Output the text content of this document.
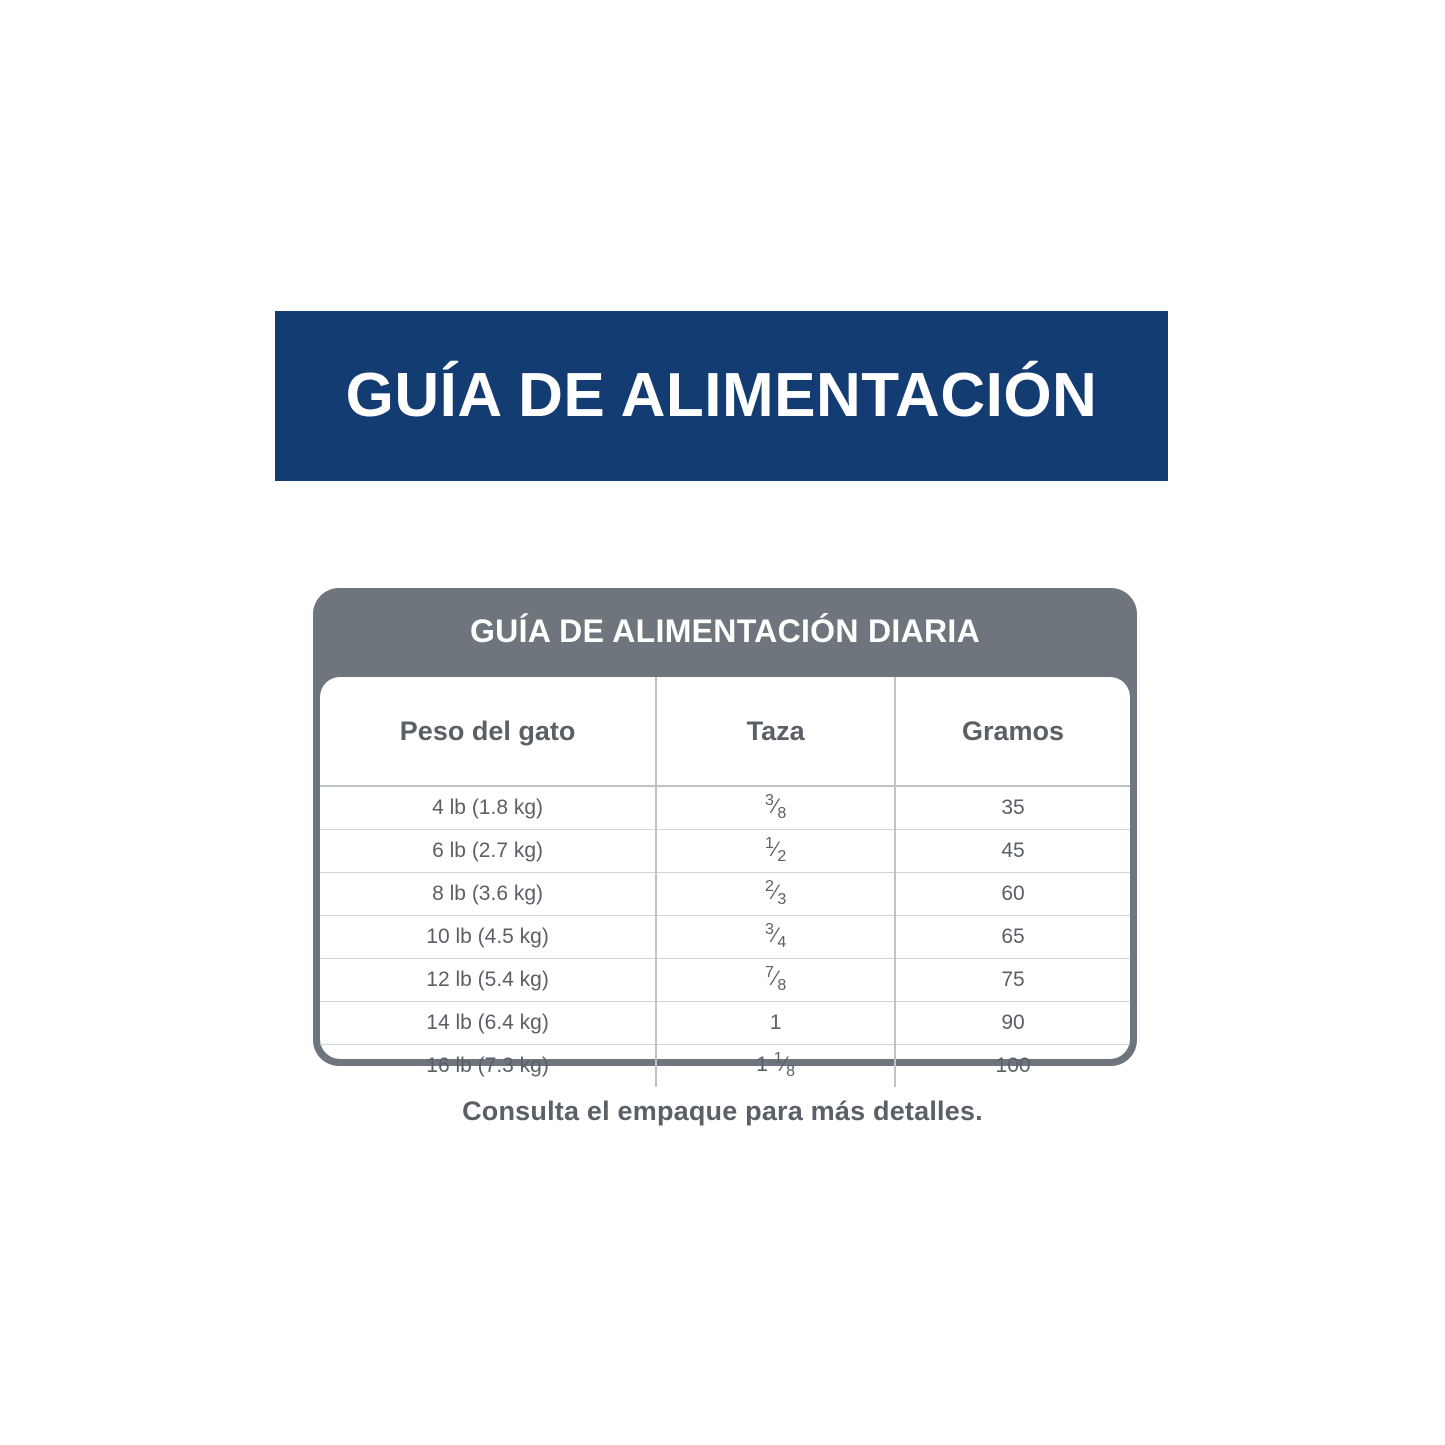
GUÍA DE ALIMENTACIÓN
GUÍA DE ALIMENTACIÓN DIARIA
Peso del gato	Taza	Gramos
4 lb (1.8 kg)	$^3⁄_8$	35
6 lb (2.7 kg)	$^1⁄_2$	45
8 lb (3.6 kg)	$^2⁄_3$	60
10 lb (4.5 kg)	$^3⁄_4$	65
12 lb (5.4 kg)	$^7⁄_8$	75
14 lb (6.4 kg)	1	90
16 lb (7.3 kg)	1 $^1⁄_8$	100
Consulta el empaque para más detalles.
